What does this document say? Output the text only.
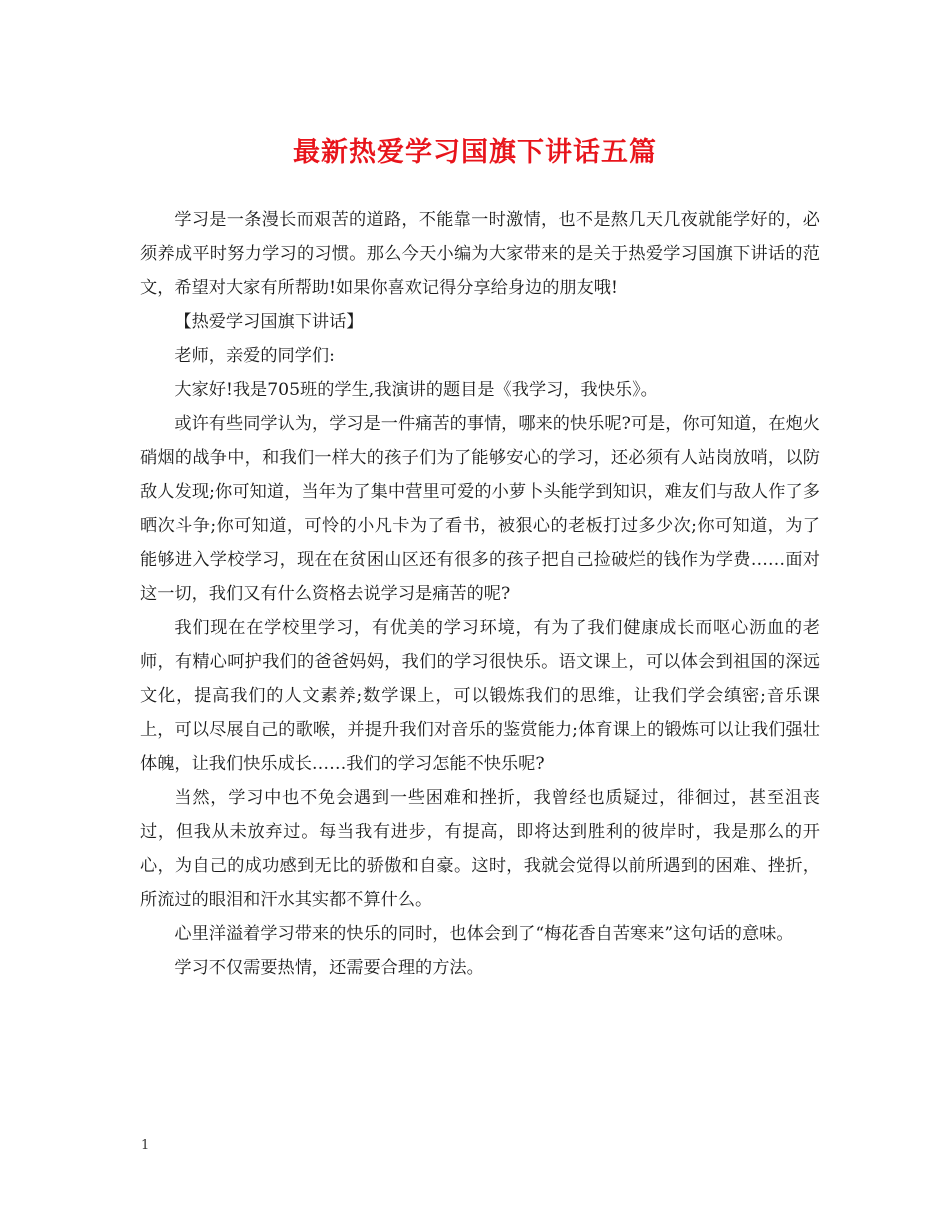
最新热爱学习国旗下讲话五篇

学习是一条漫长而艰苦的道路，不能靠一时激情，也不是熬几天几夜就能学好的，必须养成平时努力学习的习惯。那么今天小编为大家带来的是关于热爱学习国旗下讲话的范文，希望对大家有所帮助!如果你喜欢记得分享给身边的朋友哦!

【热爱学习国旗下讲话】

老师，亲爱的同学们:

大家好!我是705班的学生,我演讲的题目是《我学习，我快乐》。

或许有些同学认为，学习是一件痛苦的事情，哪来的快乐呢?可是，你可知道，在炮火硝烟的战争中，和我们一样大的孩子们为了能够安心的学习，还必须有人站岗放哨，以防敌人发现;你可知道，当年为了集中营里可爱的小萝卜头能学到知识，难友们与敌人作了多晒次斗争;你可知道，可怜的小凡卡为了看书，被狠心的老板打过多少次;你可知道，为了能够进入学校学习，现在在贫困山区还有很多的孩子把自己捡破烂的钱作为学费……面对这一切，我们又有什么资格去说学习是痛苦的呢?

我们现在在学校里学习，有优美的学习环境，有为了我们健康成长而呕心沥血的老师，有精心呵护我们的爸爸妈妈，我们的学习很快乐。语文课上，可以体会到祖国的深远文化，提高我们的人文素养;数学课上，可以锻炼我们的思维，让我们学会缜密;音乐课上，可以尽展自己的歌喉，并提升我们对音乐的鉴赏能力;体育课上的锻炼可以让我们强壮体魄，让我们快乐成长……我们的学习怎能不快乐呢?

当然，学习中也不免会遇到一些困难和挫折，我曾经也质疑过，徘徊过，甚至沮丧过，但我从未放弃过。每当我有进步，有提高，即将达到胜利的彼岸时，我是那么的开心，为自己的成功感到无比的骄傲和自豪。这时，我就会觉得以前所遇到的困难、挫折，所流过的眼泪和汗水其实都不算什么。

心里洋溢着学习带来的快乐的同时，也体会到了“梅花香自苦寒来”这句话的意味。

学习不仅需要热情，还需要合理的方法。

1
